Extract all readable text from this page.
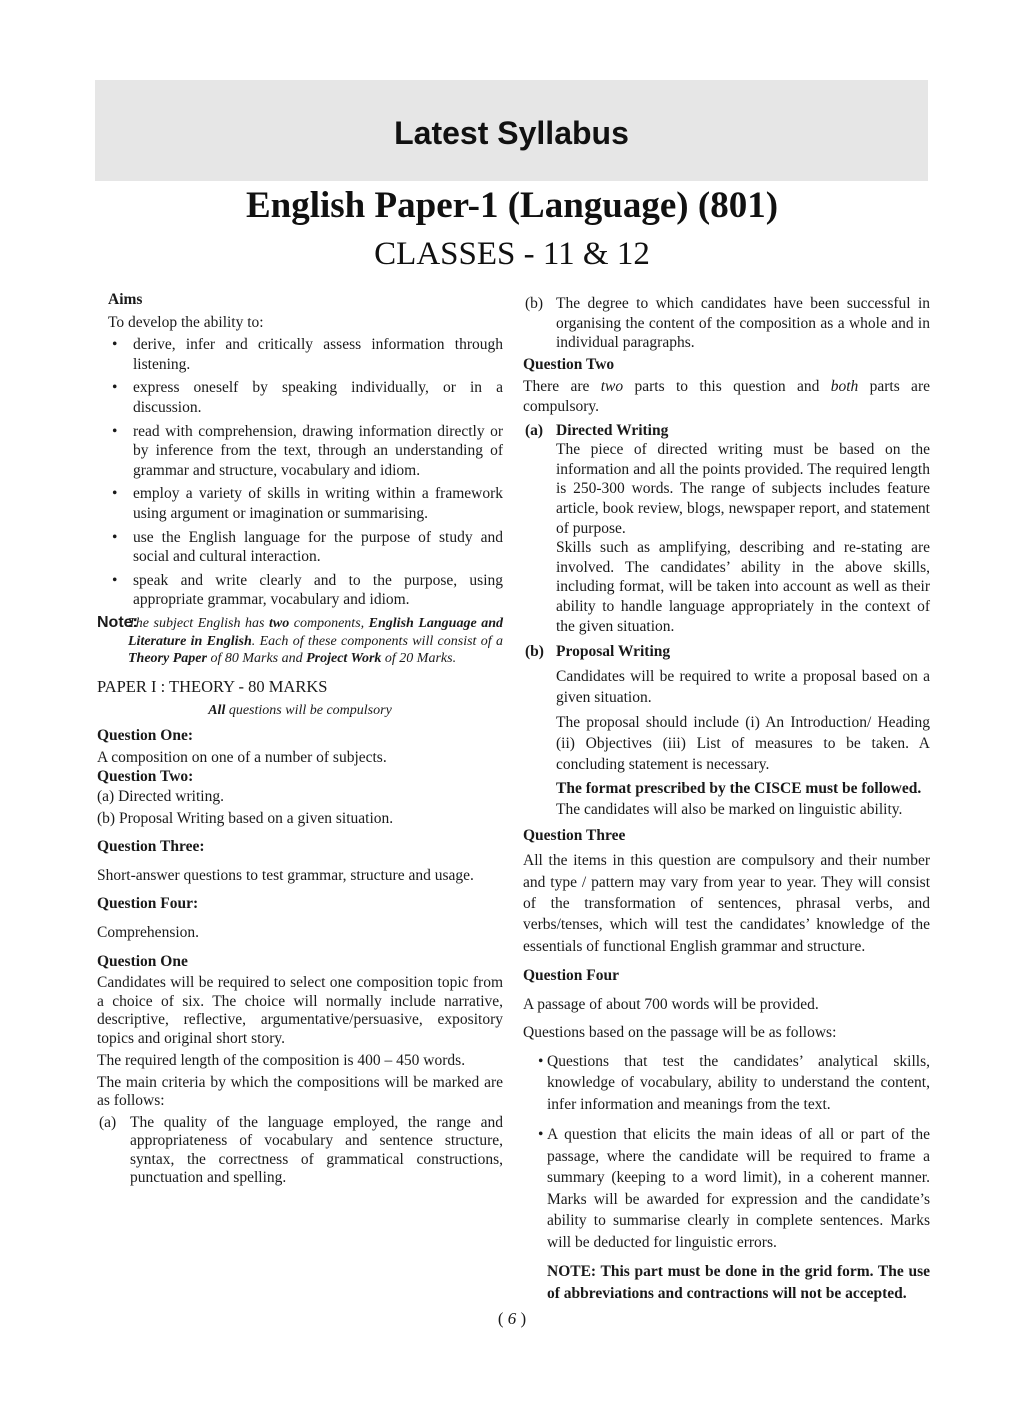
Latest Syllabus
English Paper-1 (Language) (801)
CLASSES - 11 & 12
Aims
To develop the ability to:
• derive, infer and critically assess information through listening.
• express oneself by speaking individually, or in a discussion.
• read with comprehension, drawing information directly or by inference from the text, through an understanding of grammar and structure, vocabulary and idiom.
• employ a variety of skills in writing within a framework using argument or imagination or summarising.
• use the English language for the purpose of study and social and cultural interaction.
• speak and write clearly and to the purpose, using appropriate grammar, vocabulary and idiom.
Note:
The subject English has two components, English Language and Literature in English. Each of these components will consist of a Theory Paper of 80 Marks and Project Work of 20 Marks.
PAPER I : THEORY - 80 MARKS
All questions will be compulsory
Question One:
A composition on one of a number of subjects.
Question Two:
(a) Directed writing.
(b) Proposal Writing based on a given situation.
Question Three:
Short-answer questions to test grammar, structure and usage.
Question Four:
Comprehension.
Question One

Candidates will be required to select one composition topic from a choice of six. The choice will normally include narrative, descriptive, reflective, argumentative/persuasive, expository topics and original short story.

The required length of the composition is 400 – 450 words.

The main criteria by which the compositions will be marked are as follows:

(a) The quality of the language employed, the range and appropriateness of vocabulary and sentence structure, syntax, the correctness of grammatical constructions, punctuation and spelling.
(b) The degree to which candidates have been successful in organising the content of the composition as a whole and in individual paragraphs.
Question Two

There are two parts to this question and both parts are compulsory.

(a) Directed Writing

The piece of directed writing must be based on the information and all the points provided. The required length is 250-300 words. The range of subjects includes feature article, book review, blogs, newspaper report, and statement of purpose.

Skills such as amplifying, describing and re-stating are involved. The candidates’ ability in the above skills, including format, will be taken into account as well as their ability to handle language appropriately in the context of the given situation.

(b) Proposal Writing

Candidates will be required to write a proposal based on a given situation.

The proposal should include (i) An Introduction/ Heading (ii) Objectives (iii) List of measures to be taken. A concluding statement is necessary.

The format prescribed by the CISCE must be followed.

The candidates will also be marked on linguistic ability.

Question Three

All the items in this question are compulsory and their number and type / pattern may vary from year to year. They will consist of the transformation of sentences, phrasal verbs, and verbs/tenses, which will test the candidates’ knowledge of the essentials of functional English grammar and structure.

Question Four

A passage of about 700 words will be provided.

Questions based on the passage will be as follows:

• Questions that test the candidates’ analytical skills, knowledge of vocabulary, ability to understand the content, infer information and meanings from the text.
• A question that elicits the main ideas of all or part of the passage, where the candidate will be required to frame a summary (keeping to a word limit), in a coherent manner. Marks will be awarded for expression and the candidate’s ability to summarise clearly in complete sentences. Marks will be deducted for linguistic errors.

NOTE: This part must be done in the grid form. The use of abbreviations and contractions will not be accepted.

( 6 )
